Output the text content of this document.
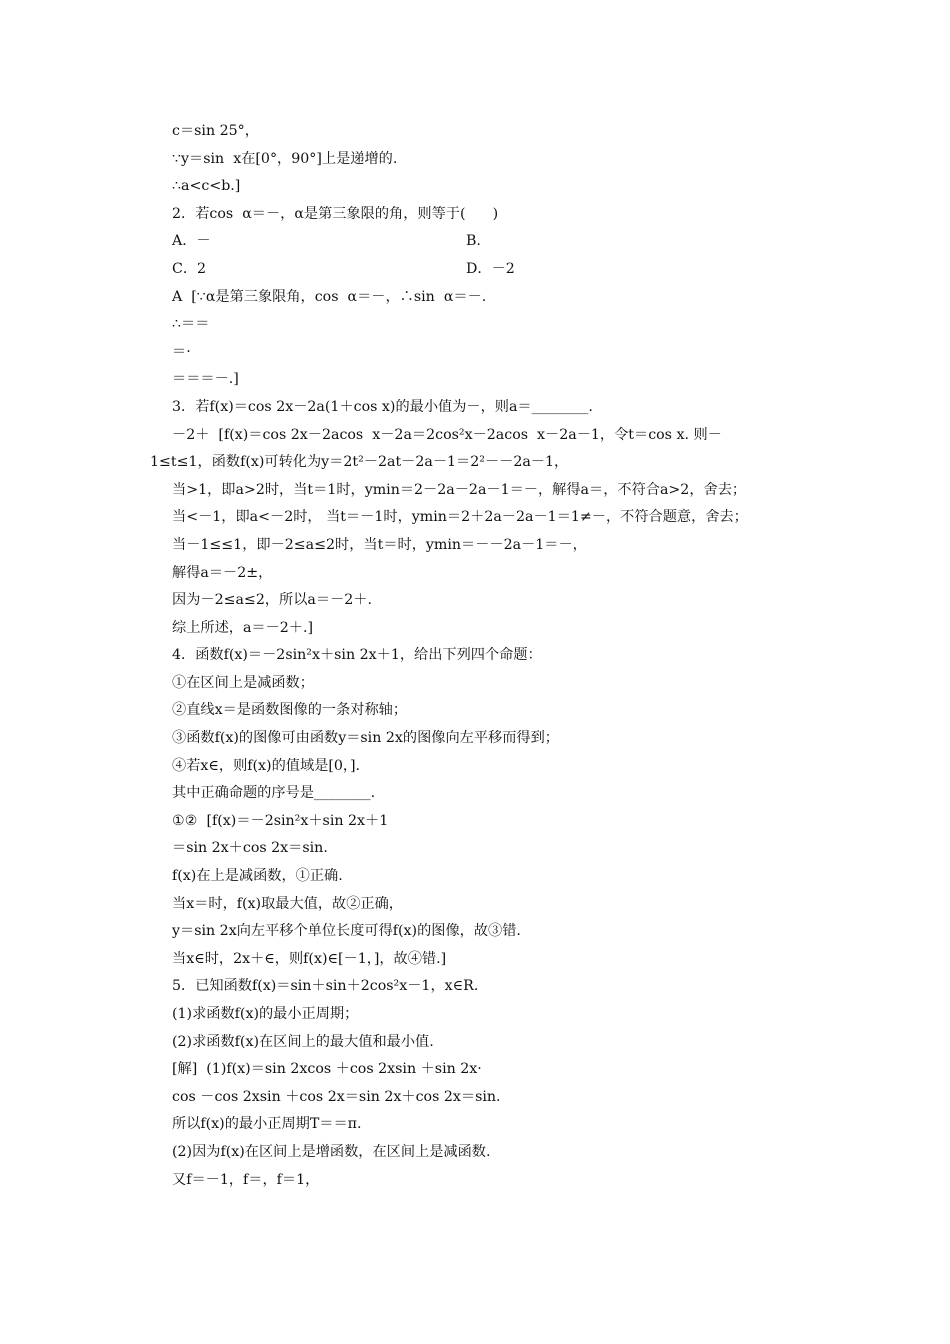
c＝sin 25°，
∵y＝sin  x在[0°，90°]上是递增的.
∴a<c<b.]
2．若cos  α＝－，α是第三象限的角，则等于(      )
A．－	B.
C．2	D．－2
A  [∵α是第三象限角，cos  α＝－，∴sin  α＝－.
∴＝＝
＝·
＝＝＝－.]
3．若f(x)＝cos 2x－2a(1＋cos x)的最小值为－，则a＝________.
－2＋  [f(x)＝cos 2x－2acos  x－2a＝2cos²x－2acos  x－2a－1，令t＝cos x. 则－
1≤t≤1，函数f(x)可转化为y＝2t²－2at－2a－1＝2²－－2a－1，
当>1，即a>2时，当t＝1时，ymin＝2－2a－2a－1＝－，解得a＝，不符合a>2，舍去；
当<－1，即a<－2时， 当t＝－1时，ymin＝2＋2a－2a－1＝1≠－，不符合题意，舍去；
当－1≤≤1，即－2≤a≤2时，当t＝时，ymin＝－－2a－1＝－，
解得a＝－2±，
因为－2≤a≤2，所以a＝－2＋.
综上所述，a＝－2＋.]
4．函数f(x)＝－2sin²x＋sin 2x＋1，给出下列四个命题：
①在区间上是减函数；
②直线x＝是函数图像的一条对称轴；
③函数f(x)的图像可由函数y＝sin 2x的图像向左平移而得到；
④若x∈，则f(x)的值域是[0，].
其中正确命题的序号是________.
①②  [f(x)＝－2sin²x＋sin 2x＋1
＝sin 2x＋cos 2x＝sin.
f(x)在上是减函数，①正确.
当x＝时，f(x)取最大值，故②正确，
y＝sin 2x向左平移个单位长度可得f(x)的图像，故③错.
当x∈时，2x＋∈，则f(x)∈[－1，]，故④错.]
5．已知函数f(x)＝sin＋sin＋2cos²x－1，x∈R.
(1)求函数f(x)的最小正周期；
(2)求函数f(x)在区间上的最大值和最小值.
[解]  (1)f(x)＝sin 2xcos ＋cos 2xsin ＋sin 2x·
cos －cos 2xsin ＋cos 2x＝sin 2x＋cos 2x＝sin.
所以f(x)的最小正周期T＝＝π.
(2)因为f(x)在区间上是增函数，在区间上是减函数.
又f＝－1，f＝，f＝1，
